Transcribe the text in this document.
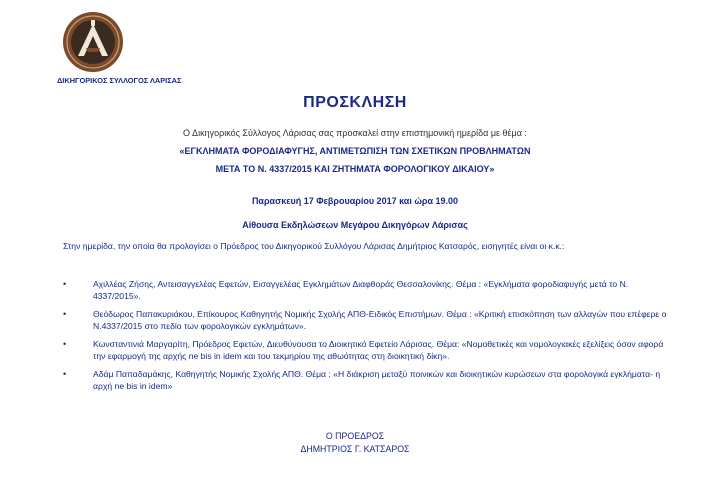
ΔΙΚΗΓΟΡΙΚΟΣ ΣΥΛΛΟΓΟΣ ΛΑΡΙΣΑΣ
ΠΡΟΣΚΛΗΣΗ
Ο Δικηγορικός Σύλλογος Λάρισας σας προσκαλεί στην επιστημονική ημερίδα με θέμα :
«ΕΓΚΛΗΜΑΤΑ ΦΟΡΟΔΙΑΦΥΓΗΣ, ΑΝΤΙΜΕΤΩΠΙΣΗ ΤΩΝ ΣΧΕΤΙΚΩΝ ΠΡΟΒΛΗΜΑΤΩΝ
ΜΕΤΑ ΤΟ Ν. 4337/2015 ΚΑΙ ΖΗΤΗΜΑΤΑ ΦΟΡΟΛΟΓΙΚΟΥ ΔΙΚΑΙΟΥ»
Παρασκευή 17 Φεβρουαρίου 2017 και ώρα 19.00
Αίθουσα Εκδηλώσεων Μεγάρου Δικηγόρων Λάρισας
Στην ημερίδα, την οποία θα προλογίσει ο Πρόεδρος του Δικηγορικού Συλλόγου Λάρισας Δημήτριος Κατσαρός, εισηγητές είναι οι κ.κ.:
•	Αχιλλέας Ζήσης, Αντεισαγγελέας Εφετών, Εισαγγελέας Εγκλημάτων Διαφθοράς Θεσσαλονίκης. Θέμα : «Εγκλήματα φοροδιαφυγής μετά το Ν. 4337/2015».
•	Θεόδωρος Παπακυριάκου, Επίκουρος Καθηγητής Νομικής Σχολής ΑΠΘ-Ειδικός Επιστήμων. Θέμα : «Κριτική επισκόπηση των αλλαγών που επέφερε ο Ν.4337/2015 στο πεδίο των φορολογικών εγκλημάτων».
•	Κωνσταντινιά Μαργαρίτη, Πρόεδρος Εφετών, Διευθύνουσα το Διοικητικό Εφετείο Λάρισας. Θέμα: «Νομοθετικές και νομολογιακές εξελίξεις όσον αφορά την εφαρμογή της αρχής ne bis in idem και του τεκμηρίου της αθωότητας στη διοικητική δίκη».
•	Αδάμ Παπαδαμάκης, Καθηγητής Νομικής Σχολής ΑΠΘ. Θέμα : «Η διάκριση μεταξύ ποινικών και διοικητικών κυρώσεων στα φορολογικά εγκλήματα- η αρχή ne bis in idem»
Ο ΠΡΟΕΔΡΟΣ
ΔΗΜΗΤΡΙΟΣ Γ. ΚΑΤΣΑΡΟΣ
